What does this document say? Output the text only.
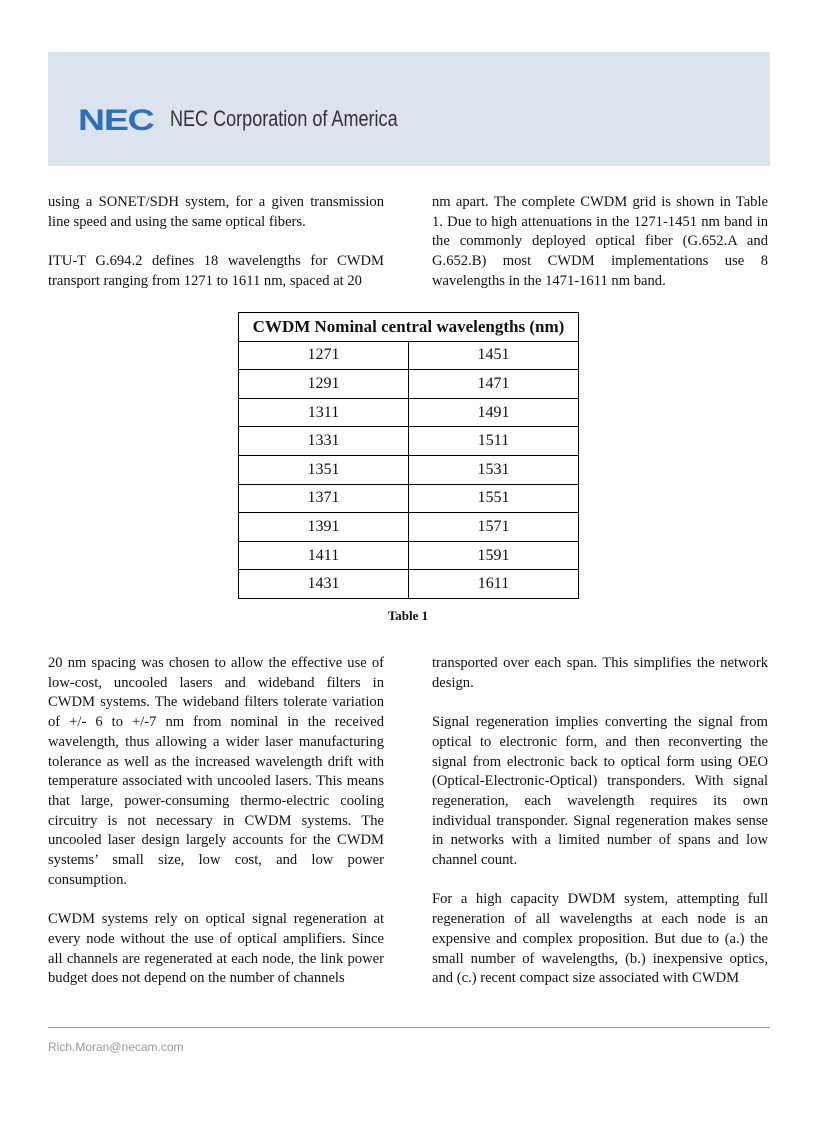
NEC NEC Corporation of America

using a SONET/SDH system, for a given transmission line speed and using the same optical fibers.

ITU-T G.694.2 defines 18 wavelengths for CWDM transport ranging from 1271 to 1611 nm, spaced at 20

nm apart. The complete CWDM grid is shown in Table 1. Due to high attenuations in the 1271-1451 nm band in the commonly deployed optical fiber (G.652.A and G.652.B) most CWDM implementations use 8 wavelengths in the 1471-1611 nm band.

CWDM Nominal central wavelengths (nm)	
1271	1451
1291	1471
1311	1491
1331	1511
1351	1531
1371	1551
1391	1571
1411	1591
1431	1611
Table 1

20 nm spacing was chosen to allow the effective use of low-cost, uncooled lasers and wideband filters in CWDM systems. The wideband filters tolerate variation of +/- 6 to +/-7 nm from nominal in the received wavelength, thus allowing a wider laser manufacturing tolerance as well as the increased wavelength drift with temperature associated with uncooled lasers. This means that large, power-consuming thermo-electric cooling circuitry is not necessary in CWDM systems. The uncooled laser design largely accounts for the CWDM systems’ small size, low cost, and low power consumption.

CWDM systems rely on optical signal regeneration at every node without the use of optical amplifiers. Since all channels are regenerated at each node, the link power budget does not depend on the number of channels

transported over each span. This simplifies the network design.

Signal regeneration implies converting the signal from optical to electronic form, and then reconverting the signal from electronic back to optical form using OEO (Optical-Electronic-Optical) transponders. With signal regeneration, each wavelength requires its own individual transponder. Signal regeneration makes sense in networks with a limited number of spans and low channel count.

For a high capacity DWDM system, attempting full regeneration of all wavelengths at each node is an expensive and complex proposition. But due to (a.) the small number of wavelengths, (b.) inexpensive optics, and (c.) recent compact size associated with CWDM

Rich.Moran@necam.com
